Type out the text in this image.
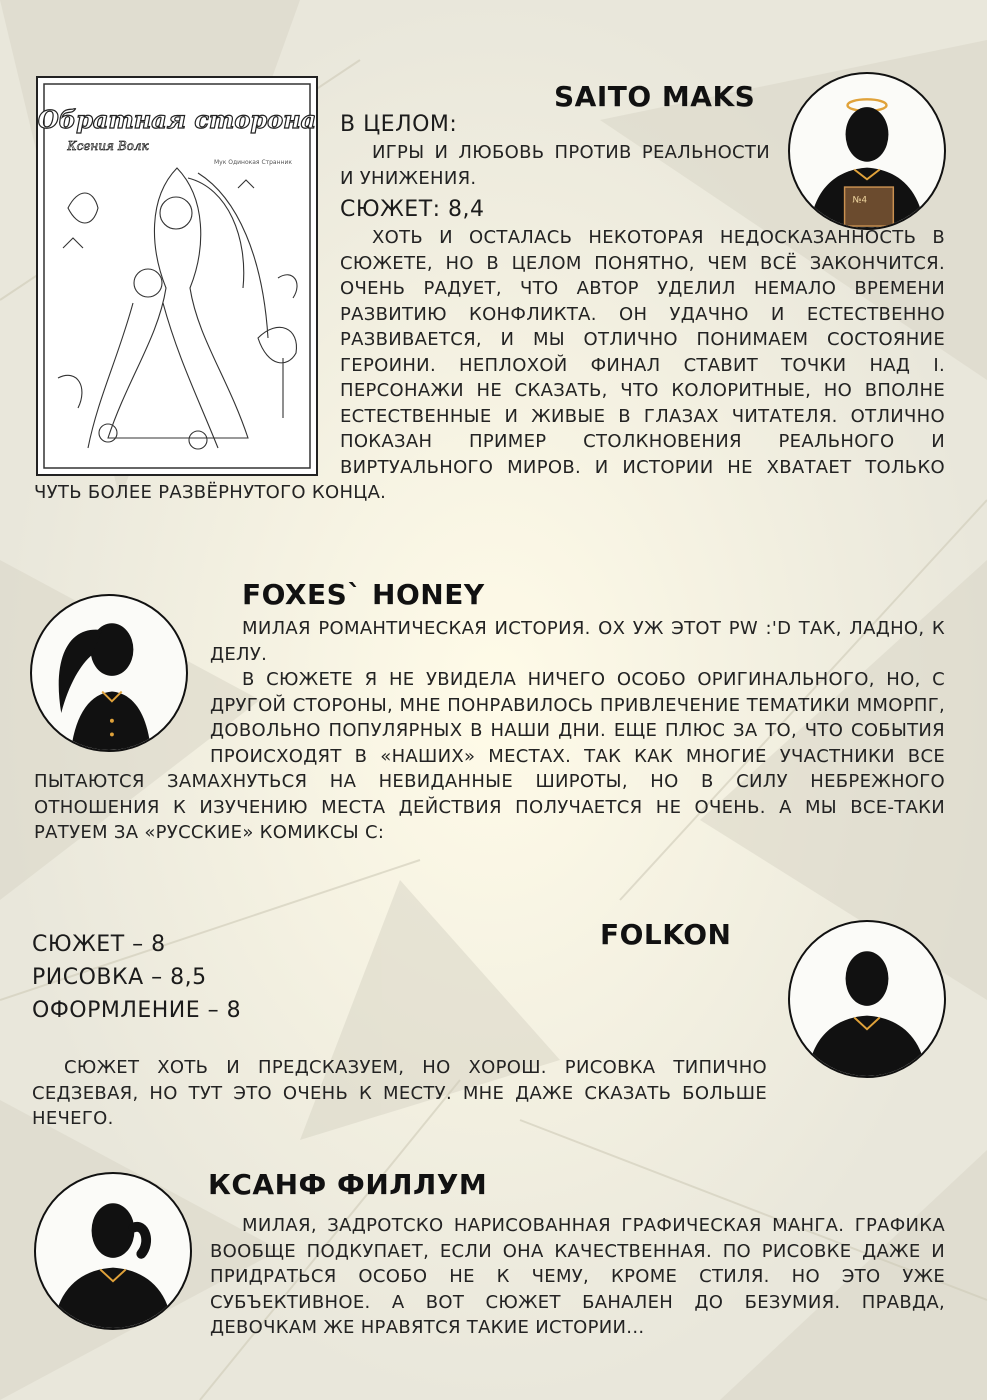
Обратная сторона
Ксения Волк
Мук Одинокая Странник
SAITO MAKS
№4
В ЦЕЛОМ:
ИГРЫ И ЛЮБОВЬ ПРОТИВ РЕАЛЬНОСТИ И УНИЖЕНИЯ.
СЮЖЕТ: 8,4
ХОТЬ И ОСТАЛАСЬ НЕКОТОРАЯ НЕДОСКАЗАННОСТЬ В СЮЖЕТЕ, НО В ЦЕЛОМ ПОНЯТНО, ЧЕМ ВСЁ ЗАКОНЧИТСЯ. ОЧЕНЬ РАДУЕТ, ЧТО АВТОР УДЕЛИЛ НЕМАЛО ВРЕМЕНИ РАЗВИТИЮ КОНФЛИКТА. ОН УДАЧНО И ЕСТЕСТВЕННО РАЗВИВАЕТСЯ, И МЫ ОТЛИЧНО ПОНИМАЕМ СОСТОЯНИЕ ГЕРОИНИ. НЕПЛОХОЙ ФИНАЛ СТАВИТ ТОЧКИ НАД I. ПЕРСОНАЖИ НЕ СКАЗАТЬ, ЧТО КОЛОРИТНЫЕ, НО ВПОЛНЕ ЕСТЕСТВЕННЫЕ И ЖИВЫЕ В ГЛАЗАХ ЧИТАТЕЛЯ. ОТЛИЧНО ПОКАЗАН ПРИМЕР СТОЛКНОВЕНИЯ РЕАЛЬНОГО И ВИРТУАЛЬНОГО МИРОВ. И ИСТОРИИ НЕ ХВАТАЕТ ТОЛЬКО ЧУТЬ БОЛЕЕ РАЗВЁРНУТОГО КОНЦА.
FOXES` HONEY
МИЛАЯ РОМАНТИЧЕСКАЯ ИСТОРИЯ. ОХ УЖ ЭТОТ PW :'D ТАК, ЛАДНО, К ДЕЛУ.
В СЮЖЕТЕ Я НЕ УВИДЕЛА НИЧЕГО ОСОБО ОРИГИНАЛЬНОГО, НО, С ДРУГОЙ СТОРОНЫ, МНЕ ПОНРАВИЛОСЬ ПРИВЛЕЧЕНИЕ ТЕМАТИКИ ММОРПГ, ДОВОЛЬНО ПОПУЛЯРНЫХ В НАШИ ДНИ. ЕЩЕ ПЛЮС ЗА ТО, ЧТО СОБЫТИЯ ПРОИСХОДЯТ В «НАШИХ» МЕСТАХ. ТАК КАК МНОГИЕ УЧАСТНИКИ ВСЕ ПЫТАЮТСЯ ЗАМАХНУТЬСЯ НА НЕВИДАННЫЕ ШИРОТЫ, НО В СИЛУ НЕБРЕЖНОГО ОТНОШЕНИЯ К ИЗУЧЕНИЮ МЕСТА ДЕЙСТВИЯ ПОЛУЧАЕТСЯ НЕ ОЧЕНЬ. А МЫ ВСЕ-ТАКИ РАТУЕМ ЗА «РУССКИЕ» КОМИКСЫ С:
FOLKON
СЮЖЕТ – 8
РИСОВКА – 8,5
ОФОРМЛЕНИЕ – 8
СЮЖЕТ ХОТЬ И ПРЕДСКАЗУЕМ, НО ХОРОШ. РИСОВКА ТИПИЧНО СЕДЗЕВАЯ, НО ТУТ ЭТО ОЧЕНЬ К МЕСТУ. МНЕ ДАЖЕ СКАЗАТЬ БОЛЬШЕ НЕЧЕГО.
КСАНФ ФИЛЛУМ
МИЛАЯ, ЗАДРОТСКО НАРИСОВАННАЯ ГРАФИЧЕСКАЯ МАНГА. ГРАФИКА ВООБЩЕ ПОДКУПАЕТ, ЕСЛИ ОНА КАЧЕСТВЕННАЯ. ПО РИСОВКЕ ДАЖЕ И ПРИДРАТЬСЯ ОСОБО НЕ К ЧЕМУ, КРОМЕ СТИЛЯ. НО ЭТО УЖЕ СУБЪЕКТИВНОЕ. А ВОТ СЮЖЕТ БАНАЛЕН ДО БЕЗУМИЯ. ПРАВДА, ДЕВОЧКАМ ЖЕ НРАВЯТСЯ ТАКИЕ ИСТОРИИ...
